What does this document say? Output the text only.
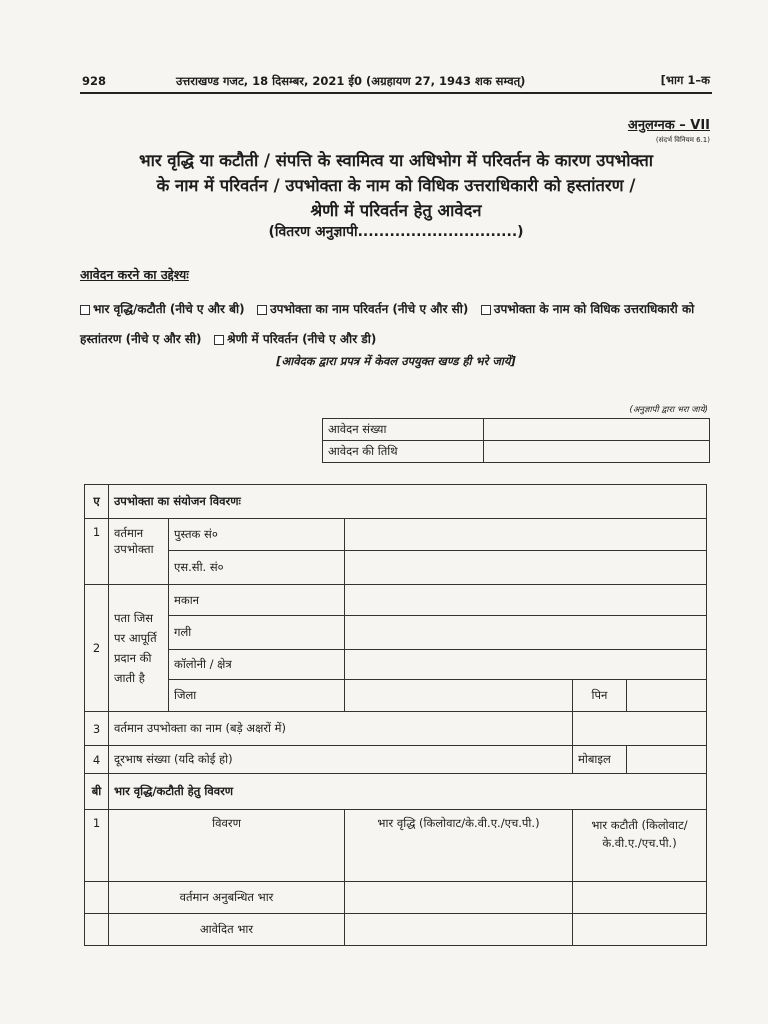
928	उत्तराखण्ड गजट, 18 दिसम्बर, 2021 ई0 (अग्रहायण 27, 1943 शक सम्वत्)	[भाग 1–क
अनुलग्नक – VII
(संदर्भ विनियम 6.1)
भार वृद्धि या कटौती / संपत्ति के स्वामित्व या अधिभोग में परिवर्तन के कारण उपभोक्ता
के नाम में परिवर्तन / उपभोक्ता के नाम को विधिक उत्तराधिकारी को हस्तांतरण /
श्रेणी में परिवर्तन हेतु आवेदन
(वितरण अनुज्ञापी..............................)
आवेदन करने का उद्देश्यः
भार वृद्धि/कटौती (नीचे ए और बी) उपभोक्ता का नाम परिवर्तन (नीचे ए और सी) उपभोक्ता के नाम को विधिक उत्तराधिकारी को हस्तांतरण (नीचे ए और सी) श्रेणी में परिवर्तन (नीचे ए और डी)
[आवेदक द्वारा प्रपत्र में केवल उपयुक्त खण्ड ही भरे जायें]
(अनुज्ञापी द्वारा भरा जाये)
आवेदन संख्या	
आवेदन की तिथि	
ए	उपभोक्ता का संयोजन विवरणः				
1	वर्तमान उपभोक्ता	पुस्तक सं०			
		एस.सी. सं०			
2	पता जिस पर आपूर्ति प्रदान की जाती है	मकान			
		गली			
		कॉलोनी / क्षेत्र			
		जिला		पिन	
3	वर्तमान उपभोक्ता का नाम (बड़े अक्षरों में)				
4	दूरभाष संख्या (यदि कोई हो)			मोबाइल	
बी	भार वृद्धि/कटौती हेतु विवरण				
1	विवरण		भार वृद्धि (किलोवाट/के.वी.ए./एच.पी.)	भार कटौती (किलोवाट/के.वी.ए./एच.पी.)	
	वर्तमान अनुबन्धित भार				
	आवेदित भार				
